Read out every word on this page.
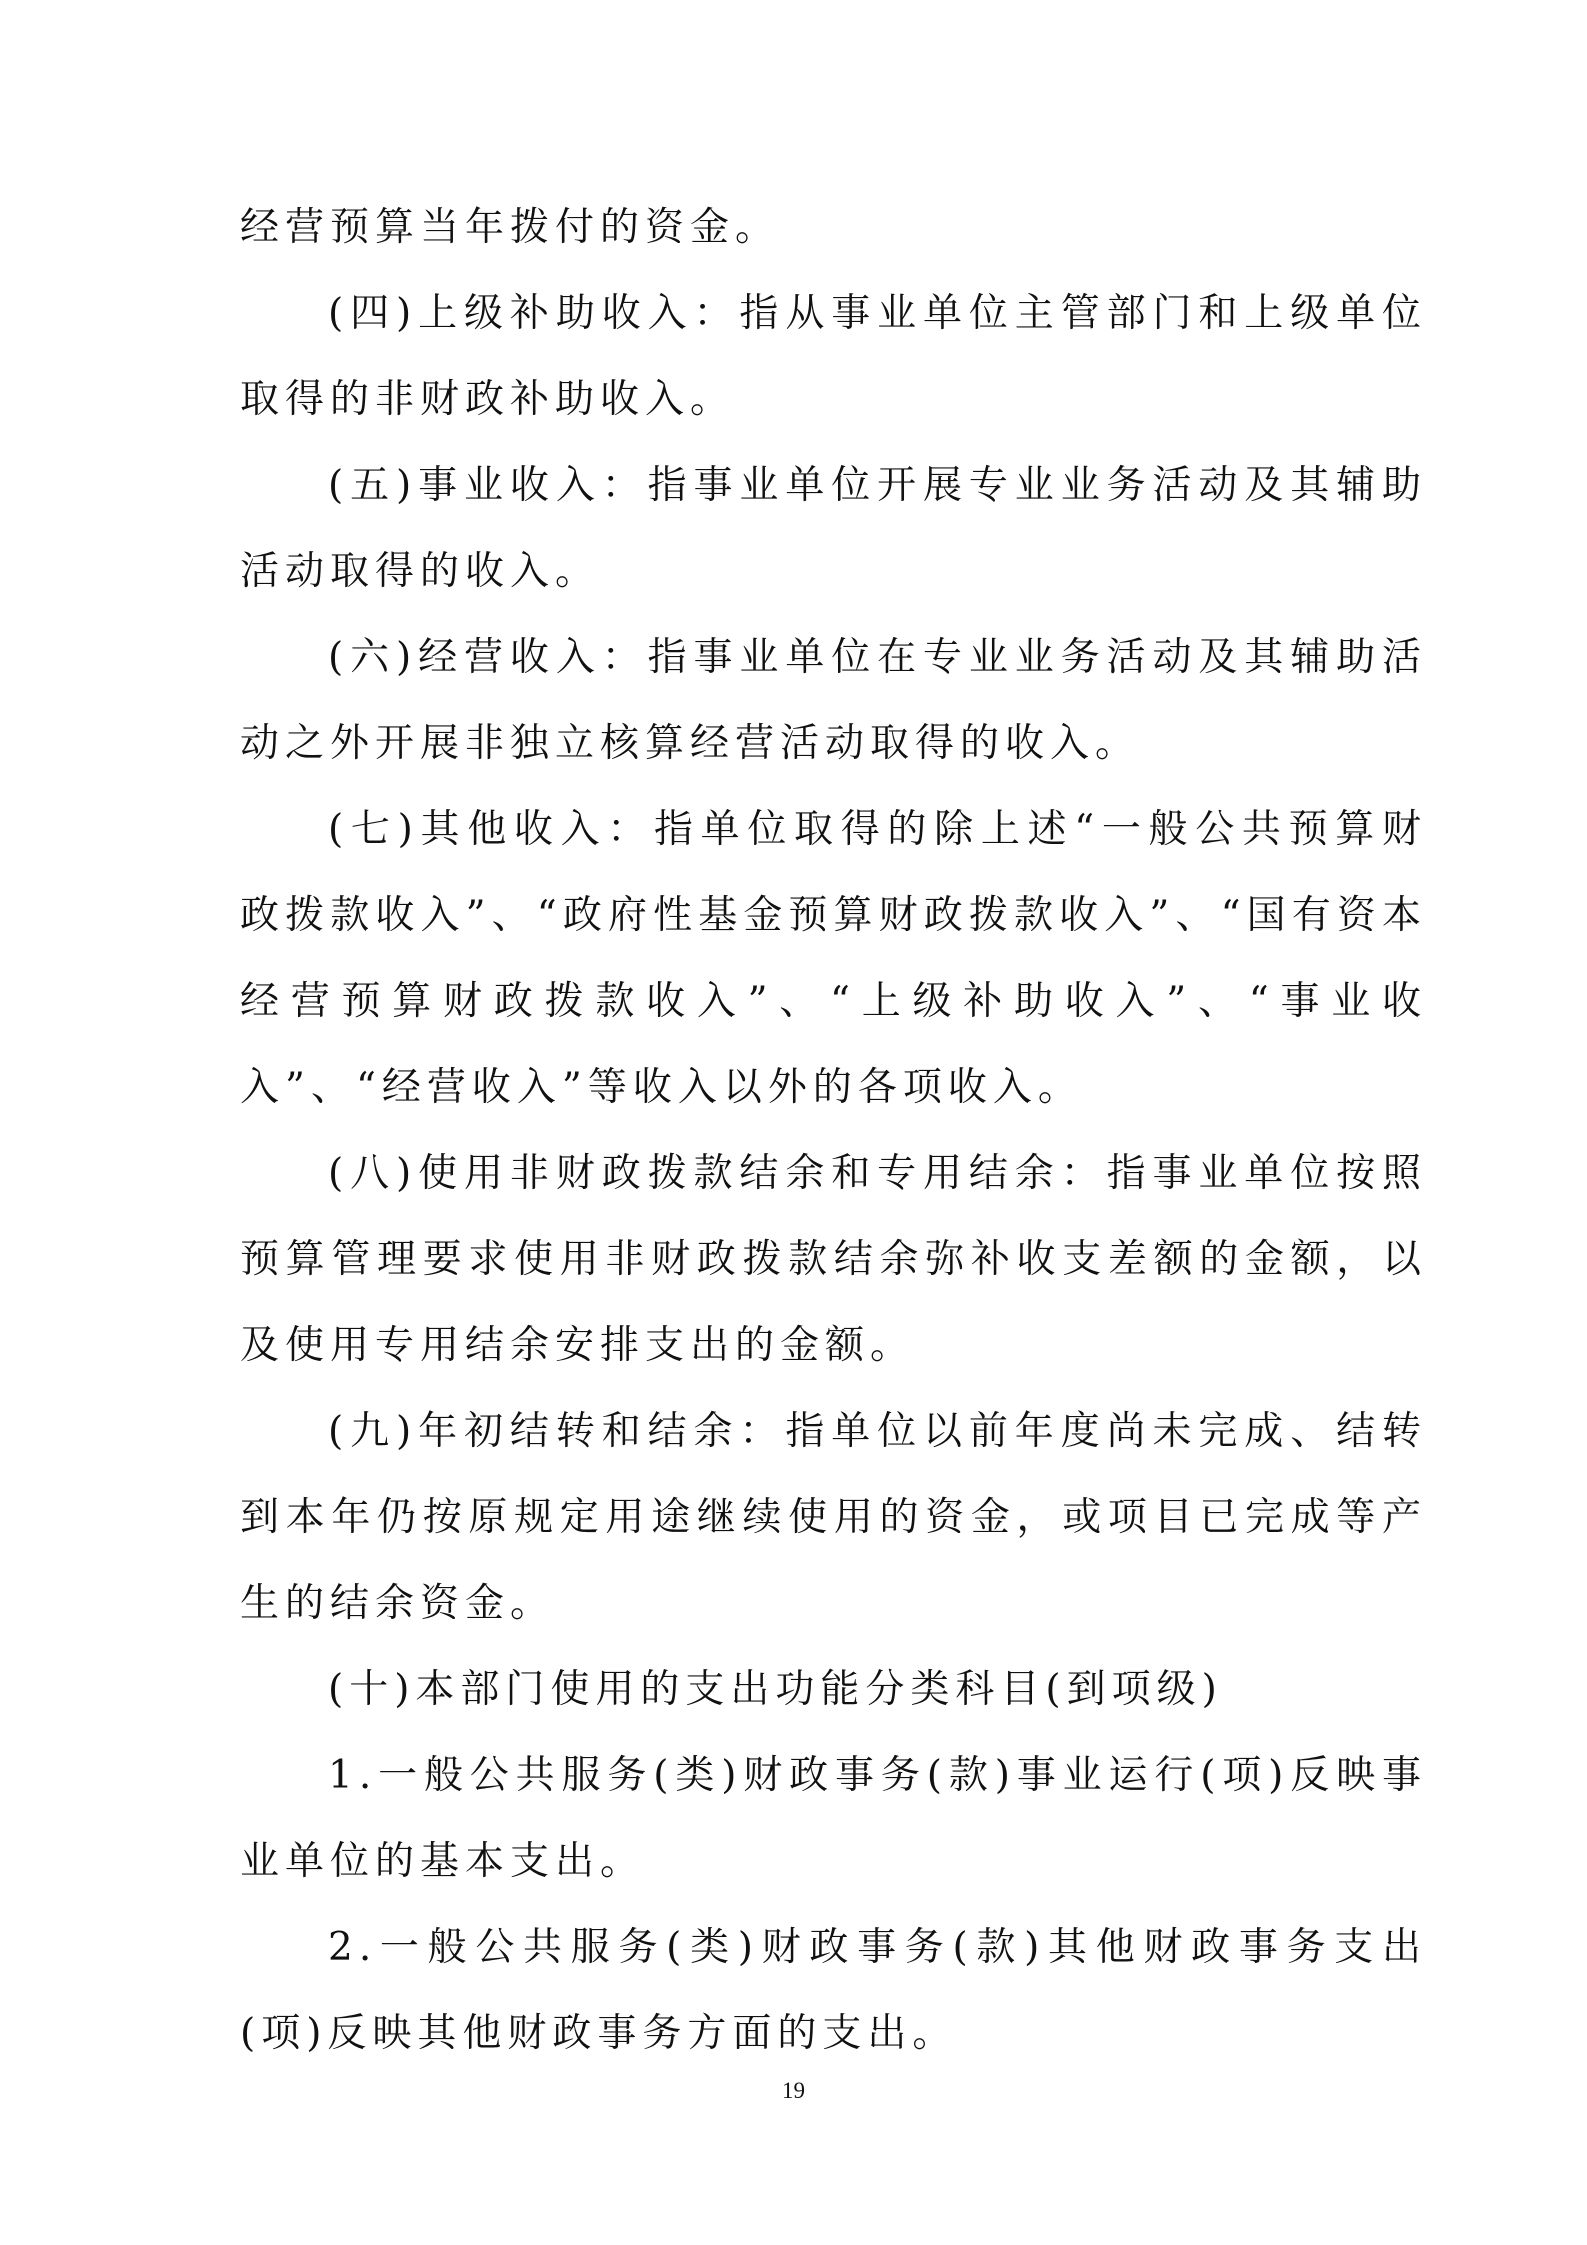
经营预算当年拨付的资金。

(四)上级补助收入：指从事业单位主管部门和上级单位取得的非财政补助收入。

(五)事业收入：指事业单位开展专业业务活动及其辅助活动取得的收入。

(六)经营收入：指事业单位在专业业务活动及其辅助活动之外开展非独立核算经营活动取得的收入。

(七)其他收入：指单位取得的除上述“一般公共预算财政拨款收入”、“政府性基金预算财政拨款收入”、“国有资本经营预算财政拨款收入”、“上级补助收入”、“事业收入”、“经营收入”等收入以外的各项收入。

(八)使用非财政拨款结余和专用结余：指事业单位按照预算管理要求使用非财政拨款结余弥补收支差额的金额，以及使用专用结余安排支出的金额。

(九)年初结转和结余：指单位以前年度尚未完成、结转到本年仍按原规定用途继续使用的资金，或项目已完成等产生的结余资金。

(十)本部门使用的支出功能分类科目(到项级)

1.一般公共服务(类)财政事务(款)事业运行(项)反映事业单位的基本支出。

2.一般公共服务(类)财政事务(款)其他财政事务支出(项)反映其他财政事务方面的支出。

19
